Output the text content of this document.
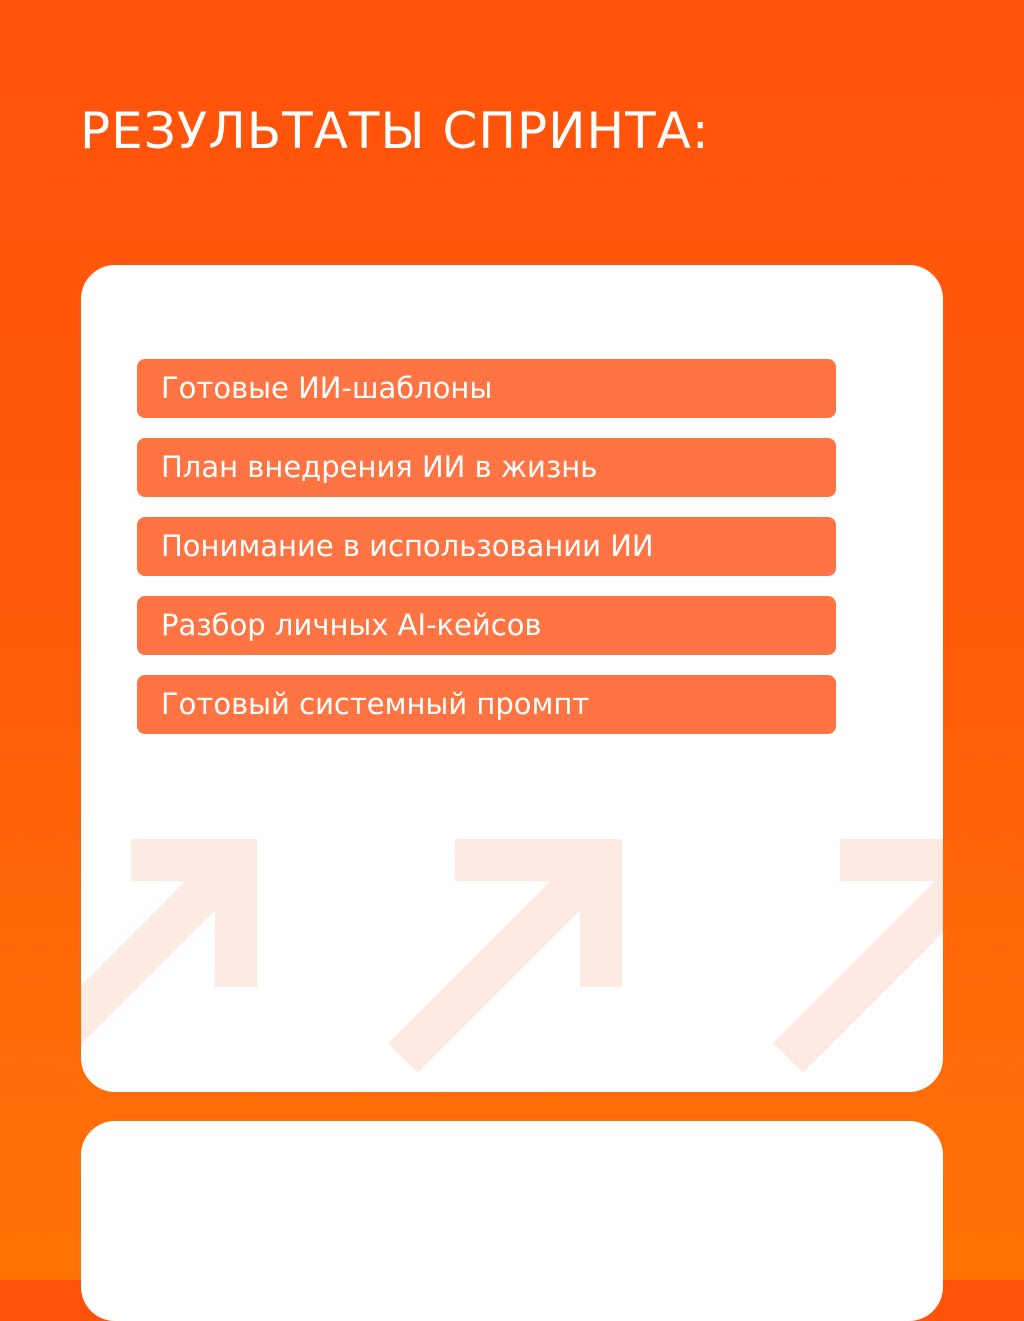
РЕЗУЛЬТАТЫ СПРИНТА:
Готовые ИИ-шаблоны
План внедрения ИИ в жизнь
Понимание в использовании ИИ
Разбор личных AI-кейсов
Готовый системный промпт
